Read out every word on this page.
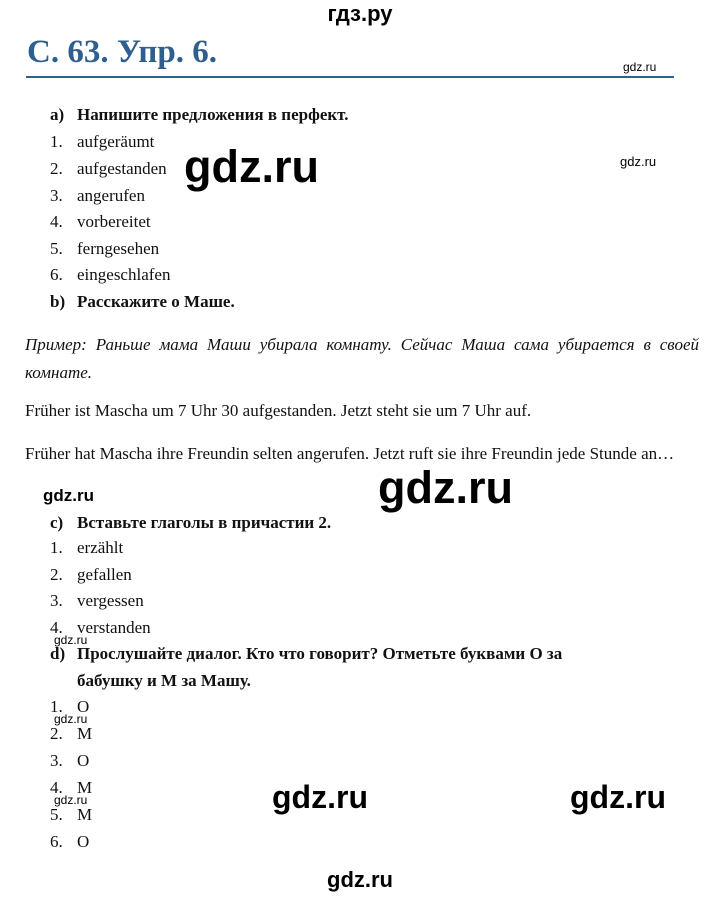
гдз.ру
С. 63. Упр. 6.
a) Напишите предложения в перфект.
1. aufgeräumt
2. aufgestanden
3. angerufen
4. vorbereitet
5. ferngesehen
6. eingeschlafen
b) Расскажите о Маше.
Пример: Раньше мама Маши убирала комнату. Сейчас Маша сама убирается в своей комнате.
Früher ist Mascha um 7 Uhr 30 aufgestanden. Jetzt steht sie um 7 Uhr auf.
Früher hat Mascha ihre Freundin selten angerufen. Jetzt ruft sie ihre Freundin jede Stunde an…
c) Вставьте глаголы в причастии 2.
1. erzählt
2. gefallen
3. vergessen
4. verstanden
d) Прослушайте диалог. Кто что говорит? Отметьте буквами О за
бабушку и М за Машу.
1. O
2. M
3. O
4. M
5. M
6. O
gdz.ru
gdz.ru	gdz.ru
gdz.ru
gdz.ru
gdz.ru
gdz.ru
gdz.ru	gdz.ru
gdz.ru
gdz.ru
